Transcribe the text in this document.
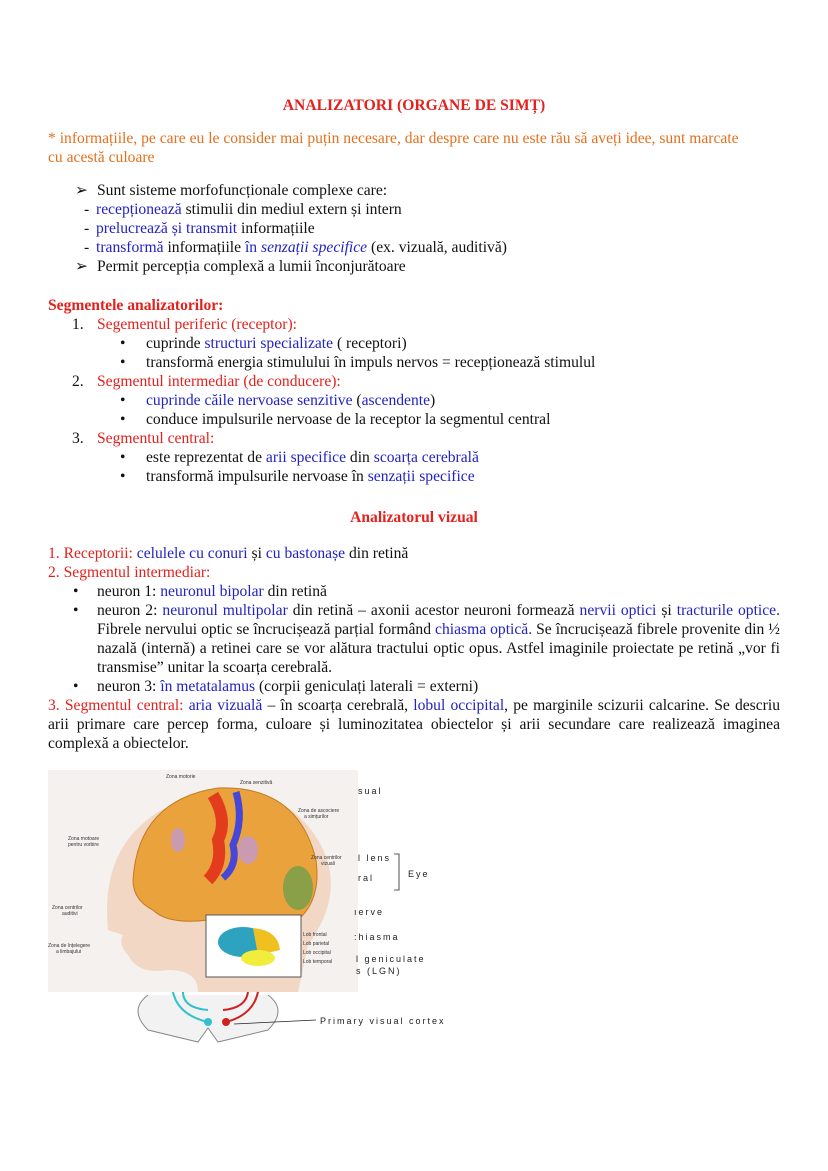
ANALIZATORI (ORGANE DE SIMȚ)
* informațiile, pe care eu le consider mai puțin necesare, dar despre care nu este rău să aveți idee, sunt marcate
cu acestă culoare
➢ Sunt sisteme morfofuncționale complexe care:
- recepționează stimulii din mediul extern și intern
- prelucrează și transmit informațiile
- transformă informațiile în senzații specifice (ex. vizuală, auditivă)
➢ Permit percepția complexă a lumii înconjurătoare
Segmentele analizatorilor:
1. Segementul periferic (receptor):
• cuprinde structuri specializate ( receptori)
• transformă energia stimulului în impuls nervos = recepționează stimulul
2. Segmentul intermediar (de conducere):
• cuprinde căile nervoase senzitive (ascendente)
• conduce impulsurile nervoase de la receptor la segmentul central
3. Segmentul central:
• este reprezentat de arii specifice din scoarța cerebrală
• transformă impulsurile nervoase în senzații specifice
Analizatorul vizual
1. Receptorii: celulele cu conuri și cu bastonașe din retină
2. Segmentul intermediar:
• neuron 1: neuronul bipolar din retină
• neuron 2: neuronul multipolar din retină – axonii acestor neuroni formează nervii optici și tracturile optice. Fibrele nervului optic se încrucișează parțial formând chiasma optică. Se încrucișează fibrele provenite din ½ nazală (internă) a retinei care se vor alătura tractului optic opus. Astfel imaginile proiectate pe retină „vor fi transmise” unitar la scoarța cerebrală.
• neuron 3: în metatalamus (corpii geniculați laterali = externi)
3. Segmentul central: aria vizuală – în scoarța cerebrală, lobul occipital, pe marginile scizurii calcarine. Se descriu arii primare care percep forma, culoare și luminozitatea obiectelor și arii secundare care realizează imaginea complexă a obiectelor.
Zona motorie
Zona senzitivă
Zona de ascociere
a simțurilor
Zona motoare
pentru vorbire
Zona centrilor
vizuali
Zona centrilor
auditivi
Zona de înțelegere
a limbajului
Lob frontal
Lob parietal
Lob occipital
Lob temporal
sual
l lens
ral	Eye
ıerve
:hiasma
l geniculate
s (LGN)
Primary visual cortex
